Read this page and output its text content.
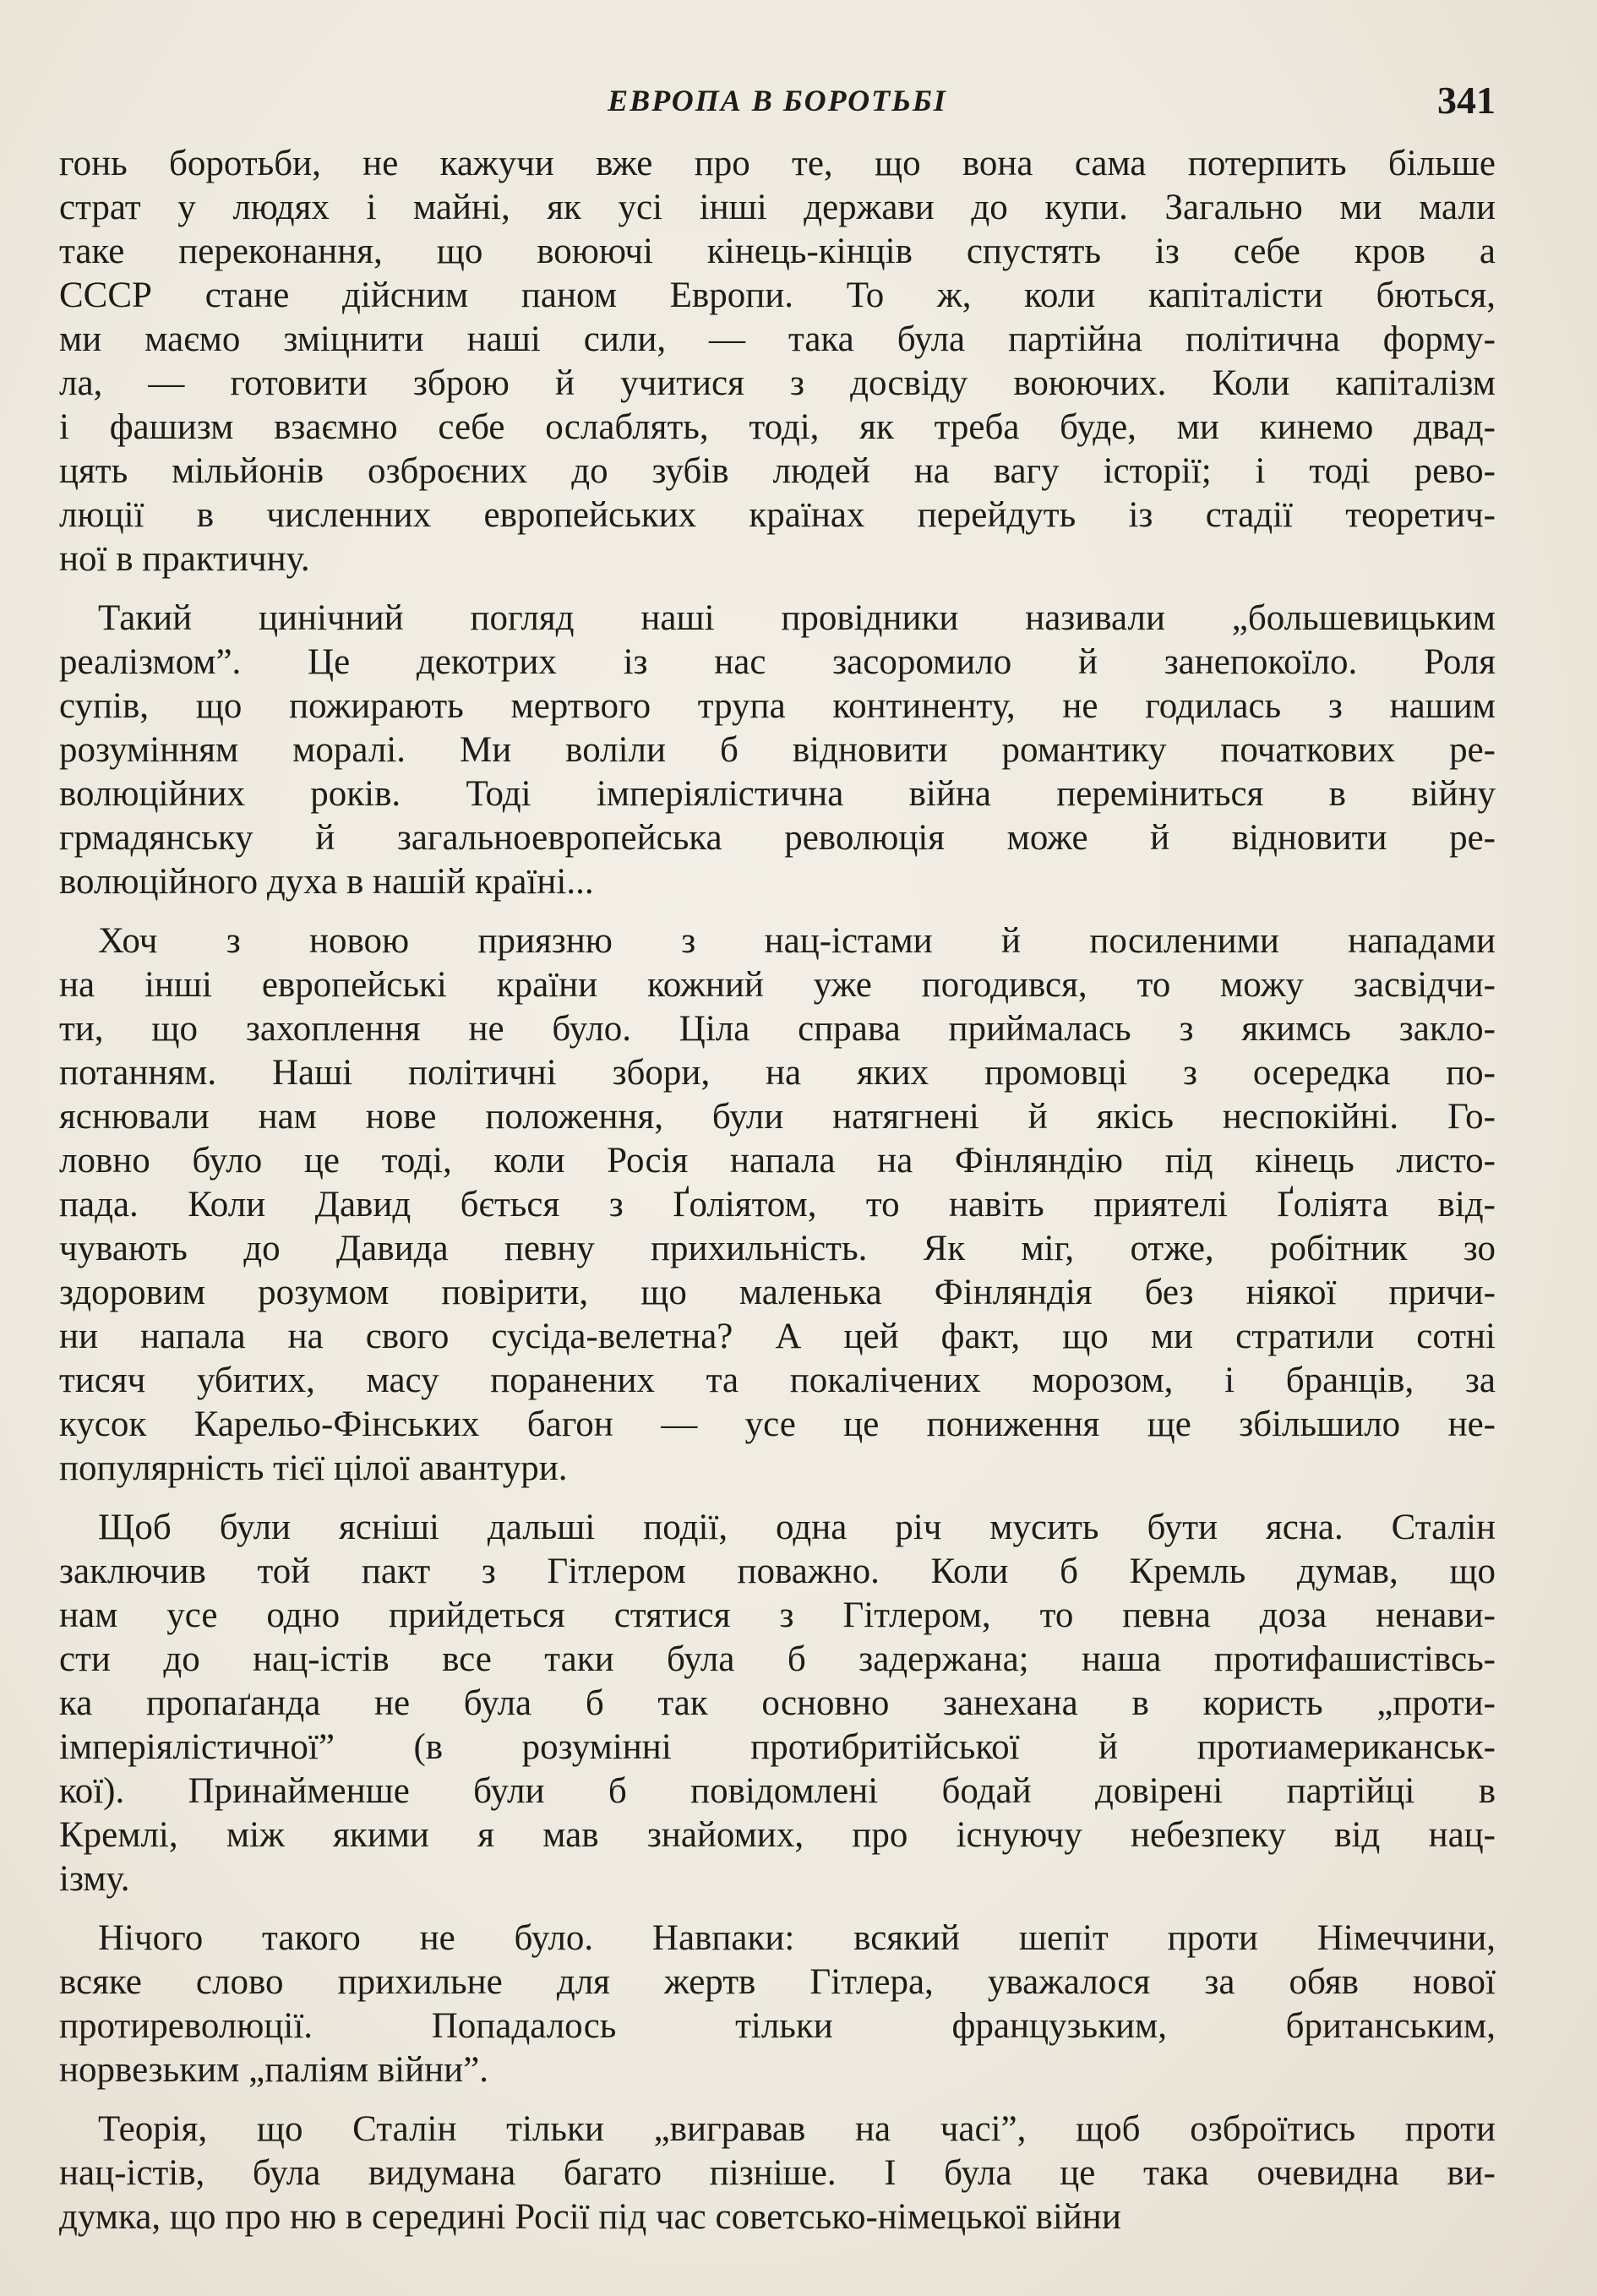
ЕВРОПА В БОРОТЬБІ	341
гонь боротьби, не кажучи вже про те, що вона сама потерпить більше
страт у людях і майні, як усі інші держави до купи. Загально ми мали
таке переконання, що воюючі кінець-кінців спустять із себе кров а
СССР стане дійсним паном Европи. То ж, коли капіталісти бються,
ми маємо зміцнити наші сили, — така була партійна політична форму-
ла, — готовити зброю й учитися з досвіду воюючих. Коли капіталізм
і фашизм взаємно себе ослаблять, тоді, як треба буде, ми кинемо двад-
цять мільйонів озброєних до зубів людей на вагу історії; і тоді рево-
люції в численних европейських країнах перейдуть із стадії теоретич-
ної в практичну.
Такий цинічний погляд наші провідники називали „большевицьким
реалізмом”. Це декотрих із нас засоромило й занепокоїло. Роля
супів, що пожирають мертвого трупа континенту, не годилась з нашим
розумінням моралі. Ми воліли б відновити романтику початкових ре-
волюційних років. Тоді імперіялістична війна переміниться в війну
грмадянську й загальноевропейська революція може й відновити ре-
волюційного духа в нашій країні...
Хоч з новою приязню з нац-істами й посиленими нападами
на інші европейські країни кожний уже погодився, то можу засвідчи-
ти, що захоплення не було. Ціла справа приймалась з якимсь закло-
потанням. Наші політичні збори, на яких промовці з осередка по-
яснювали нам нове положення, були натягнені й якісь неспокійні. Го-
ловно було це тоді, коли Росія напала на Фінляндію під кінець листо-
пада. Коли Давид бється з Ґоліятом, то навіть приятелі Ґоліята від-
чувають до Давида певну прихильність. Як міг, отже, робітник зо
здоровим розумом повірити, що маленька Фінляндія без ніякої причи-
ни напала на свого сусіда-велетна? А цей факт, що ми стратили сотні
тисяч убитих, масу поранених та покалічених морозом, і бранців, за
кусок Карельо-Фінських багон — усе це пониження ще збільшило не-
популярність тієї цілої авантури.
Щоб були ясніші дальші події, одна річ мусить бути ясна. Сталін
заключив той пакт з Гітлером поважно. Коли б Кремль думав, що
нам усе одно прийдеться стятися з Гітлером, то певна доза ненави-
сти до нац-істів все таки була б задержана; наша протифашистівсь-
ка пропаґанда не була б так основно занехана в користь „проти-
імперіялістичної” (в розумінні протибритійської й протиамериканськ-
кої). Принайменше були б повідомлені бодай довірені партійці в
Кремлі, між якими я мав знайомих, про існуючу небезпеку від нац-
ізму.
Нічого такого не було. Навпаки: всякий шепіт проти Німеччини,
всяке слово прихильне для жертв Гітлера, уважалося за обяв нової
протиреволюції. Попадалось тільки французьким, британським,
норвезьким „паліям війни”.
Теорія, що Сталін тільки „вигравав на часі”, щоб озброїтись проти
нац-істів, була видумана багато пізніше. І була це така очевидна ви-
думка, що про ню в середині Росії під час советсько-німецької війни
